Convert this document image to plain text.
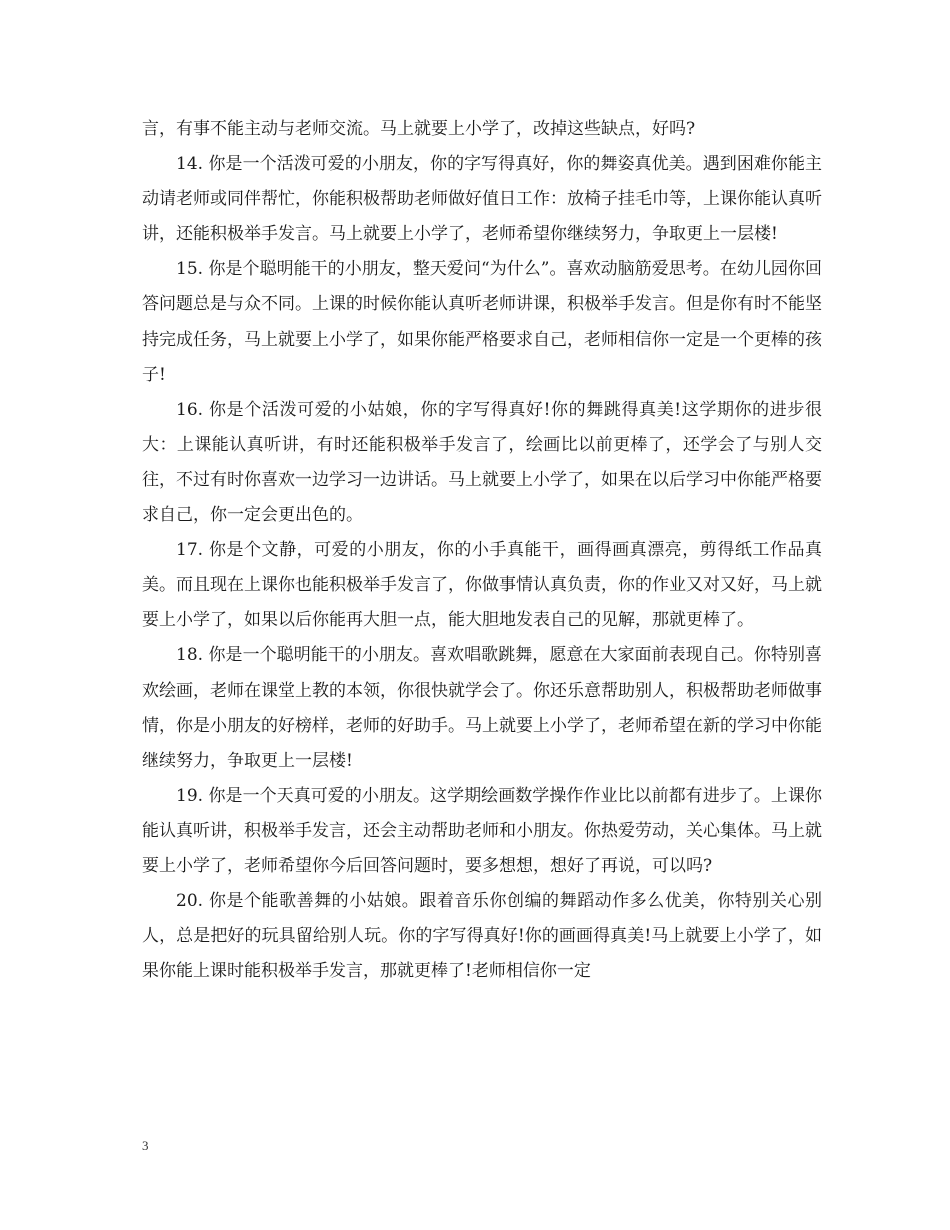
言，有事不能主动与老师交流。马上就要上小学了，改掉这些缺点，好吗?

14. 你是一个活泼可爱的小朋友，你的字写得真好，你的舞姿真优美。遇到困难你能主动请老师或同伴帮忙，你能积极帮助老师做好值日工作：放椅子挂毛巾等，上课你能认真听讲，还能积极举手发言。马上就要上小学了，老师希望你继续努力，争取更上一层楼!

15. 你是个聪明能干的小朋友，整天爱问“为什么”。喜欢动脑筋爱思考。在幼儿园你回答问题总是与众不同。上课的时候你能认真听老师讲课，积极举手发言。但是你有时不能坚持完成任务，马上就要上小学了，如果你能严格要求自己，老师相信你一定是一个更棒的孩子!

16. 你是个活泼可爱的小姑娘，你的字写得真好!你的舞跳得真美!这学期你的进步很大：上课能认真听讲，有时还能积极举手发言了，绘画比以前更棒了，还学会了与别人交往，不过有时你喜欢一边学习一边讲话。马上就要上小学了，如果在以后学习中你能严格要求自己，你一定会更出色的。

17. 你是个文静，可爱的小朋友，你的小手真能干，画得画真漂亮，剪得纸工作品真美。而且现在上课你也能积极举手发言了，你做事情认真负责，你的作业又对又好，马上就要上小学了，如果以后你能再大胆一点，能大胆地发表自己的见解，那就更棒了。

18. 你是一个聪明能干的小朋友。喜欢唱歌跳舞，愿意在大家面前表现自己。你特别喜欢绘画，老师在课堂上教的本领，你很快就学会了。你还乐意帮助别人，积极帮助老师做事情，你是小朋友的好榜样，老师的好助手。马上就要上小学了，老师希望在新的学习中你能继续努力，争取更上一层楼!

19. 你是一个天真可爱的小朋友。这学期绘画数学操作作业比以前都有进步了。上课你能认真听讲，积极举手发言，还会主动帮助老师和小朋友。你热爱劳动，关心集体。马上就要上小学了，老师希望你今后回答问题时，要多想想，想好了再说，可以吗?

20. 你是个能歌善舞的小姑娘。跟着音乐你创编的舞蹈动作多么优美，你特别关心别人，总是把好的玩具留给别人玩。你的字写得真好!你的画画得真美!马上就要上小学了，如果你能上课时能积极举手发言，那就更棒了!老师相信你一定

3
